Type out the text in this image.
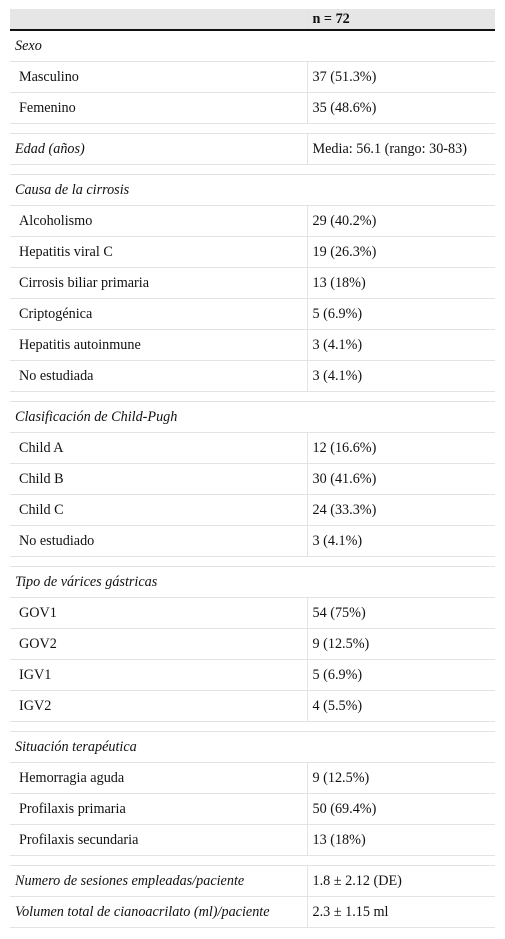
	n = 72
Sexo	
Masculino	37 (51.3%)
Femenino	35 (48.6%)

Edad (años)	Media: 56.1 (rango: 30-83)

Causa de la cirrosis	
Alcoholismo	29 (40.2%)
Hepatitis viral C	19 (26.3%)
Cirrosis biliar primaria	13 (18%)
Criptogénica	5 (6.9%)
Hepatitis autoinmune	3 (4.1%)
No estudiada	3 (4.1%)

Clasificación de Child-Pugh	
Child A	12 (16.6%)
Child B	30 (41.6%)
Child C	24 (33.3%)
No estudiado	3 (4.1%)

Tipo de várices gástricas	
GOV1	54 (75%)
GOV2	9 (12.5%)
IGV1	5 (6.9%)
IGV2	4 (5.5%)

Situación terapéutica	
Hemorragia aguda	9 (12.5%)
Profilaxis primaria	50 (69.4%)
Profilaxis secundaria	13 (18%)

Numero de sesiones empleadas/paciente	1.8 ± 2.12 (DE)
Volumen total de cianoacrilato (ml)/paciente	2.3 ± 1.15 ml
